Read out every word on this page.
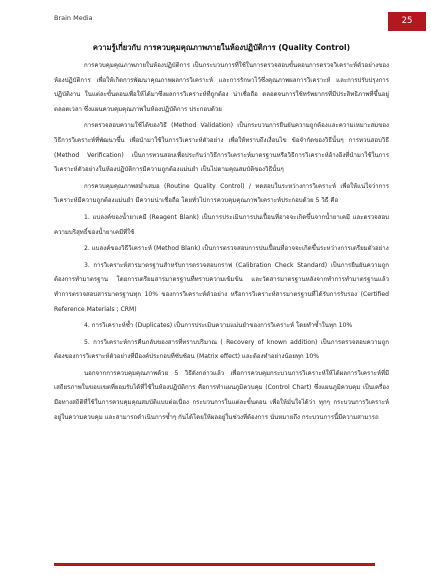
Brain Media	25
ความรู้เกี่ยวกับ การควบคุมคุณภาพภายในห้องปฏิบัติการ (Quality Control)

การควบคุมคุณภาพภายในห้องปฏิบัติการ เป็นกระบวนการที่ใช้ในการตรวจสอบขั้นตอนการตรวจวิเคราะห์ตัวอย่างของห้องปฏิบัติการ เพื่อให้เกิดการพัฒนาคุณภาพผลการวิเคราะห์ และการรักษาไว้ซึ่งคุณภาพผลการวิเคราะห์ และการปรับปรุงการปฏิบัติงาน ในแต่ละขั้นตอนเพื่อให้ได้มาซึ่งผลการวิเคราะห์ที่ถูกต้อง น่าเชื่อถือ ตลอดจนการใช้ทรัพยากรที่มีประสิทธิภาพที่ขึ้นอยู่ตลอดเวลา ซึ่งแผนควบคุมคุณภาพในห้องปฏิบัติการ ประกอบด้วย

การตรวจสอบความใช้ได้ของวิธี (Method Validation) เป็นกระบวนการยืนยันความถูกต้องและความเหมาะสมของวิธีการวิเคราะห์ที่พัฒนาขึ้น เพื่อนำมาใช้ในการวิเคราะห์ตัวอย่าง เพื่อให้ทราบถึงเงื่อนไข ข้อจำกัดของวิธีนั้นๆ การทวนสอบวิธี (Method Verification) เป็นการทวนสอบเพื่อประกันว่าวิธีการวิเคราะห์มาตรฐานหรือวิธีการวิเคราะห์อ้างอิงที่นำมาใช้ในการวิเคราะห์ตัวอย่างในห้องปฏิบัติการมีความถูกต้องแม่นยำ เป็นไปตามคุณสมบัติของวิธีนั้นๆ

การควบคุมคุณภาพสม่ำเสมอ (Routine Quality Control) / ทดสอบในระหว่างการวิเคราะห์ เพื่อให้แน่ใจว่าการวิเคราะห์มีความถูกต้องแม่นยำ มีความน่าเชื่อถือ โดยทั่วไปการควบคุมคุณภาพวิเคราะห์ประกอบด้วย 5 วิธี คือ

1. แบลงค์ของน้ำยาเคมี (Reagent Blank) เป็นการประเมินการปนเปื้อนที่อาจจะเกิดขึ้นจากน้ำยาเคมี และตรวจสอบความบริสุทธิ์ของน้ำยาเคมีที่ใช้

2. แบลงค์ของวิธีวิเคราะห์ (Method Blank) เป็นการตรวจสอบการปนเปื้อนที่อาจจะเกิดขึ้นระหว่างการเตรียมตัวอย่าง

3. การวิเคราะห์สารมาตรฐานสำหรับการตรวจสอบกราฟ (Calibration Check Standard) เป็นการยืนยันความถูกต้องการทำมาตรฐาน โดยการเตรียมสารมาตรฐานที่ทราบความเข้มข้น และวัดสารมาตรฐานหลังจากทำการทำมาตรฐานแล้ว ทำการตรวจสอบสารมาตรฐานทุก 10% ของการวิเคราะห์ตัวอย่าง หรือการวิเคราะห์สารมาตรฐานที่ได้รับการรับรอง (Certified Reference Materials ; CRM)

4. การวิเคราะห์ซ้ำ (Duplicates) เป็นการประเมินความแม่นยำของการวิเคราะห์ โดยทำซ้ำในทุก 10%

5. การวิเคราะห์การคืนกลับของสารที่ทราบปริมาณ ( Recovery of known addition) เป็นการตรวจสอบความถูกต้องของการวิเคราะห์ตัวอย่างที่มีองค์ประกอบที่ซับซ้อน (Matrix effect) และต้องทำอย่างน้อยทุก 10%

นอกจากการควบคุมคุณภาพด้วย 5 วิธีดังกล่าวแล้ว เพื่อการควบคุมกระบวนการวิเคราะห์ให้ได้ผลการวิเคราะห์ที่มีเสถียรภาพในขอบเขตที่ยอมรับได้ที่ใช้ในห้องปฏิบัติการ คือการทำแผนภูมิควบคุม (Control Chart) ซึ่งแผนภูมิควบคุม เป็นเครื่องมือทางสถิติที่ใช้ในการควบคุมคุณสมบัติแบบต่อเนื่อง กระบวนการในแต่ละขั้นตอน เพื่อให้มั่นใจได้ว่า ทุกๆ กระบวนการวิเคราะห์อยู่ในความควบคุม และสามารถดำเนินการซ้ำๆ กันได้โดยให้ผลอยู่ในช่วงที่ต้องการ นั่นหมายถึง กระบวนการนี้มีความสามารถ
